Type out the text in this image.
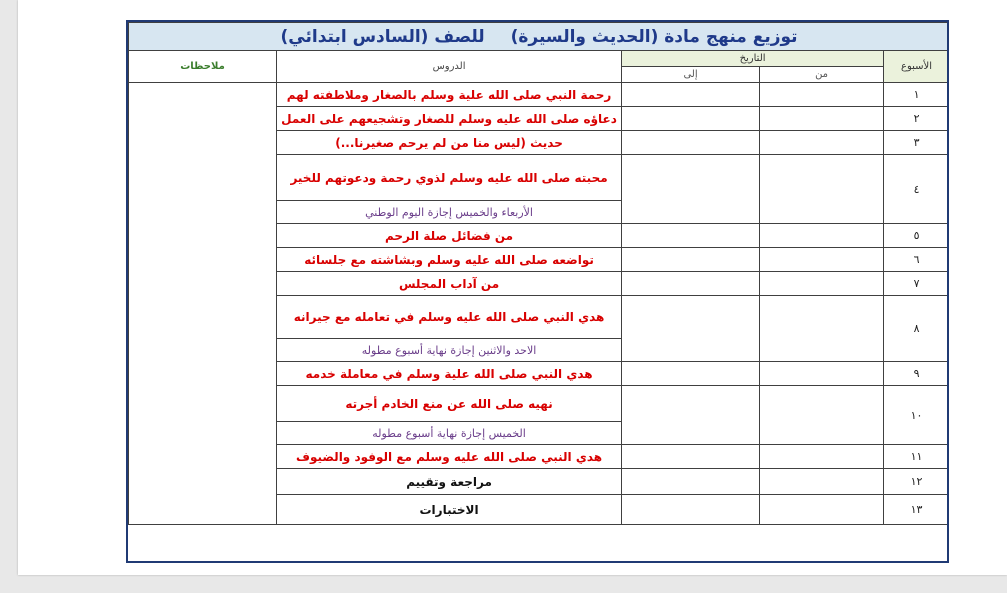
توزيع منهج مادة (الحديث والسيرة) للصف (السادس ابتدائي)				
الأسبوع	التاريخ		الدروس	ملاحظات
	من	إلى		
١			رحمة النبي صلى الله علية وسلم بالصغار وملاطفته لهم	
٢			دعاؤه صلى الله عليه وسلم للصغار وتشجيعهم على العمل	
٣			حديث (ليس منا من لم يرحم صغيرنا...)	
٤			محبته صلى الله عليه وسلم لذوي رحمة ودعوتهم للخير	
			الأربعاء والخميس إجازة اليوم الوطني	
٥			من فضائل صلة الرحم	
٦			تواضعه صلى الله عليه وسلم وبشاشته مع جلسائه	
٧			من آداب المجلس	
٨			هدي النبي صلى الله عليه وسلم في تعامله مع جيرانه	
			الاحد والاثنين إجازة نهاية أسبوع مطوله	
٩			هدي النبي صلى الله علية وسلم في معاملة خدمه	
١٠			نهيه صلى الله عن منع الخادم أجرته	
			الخميس إجازة نهاية أسبوع مطوله	
١١			هدي النبي صلى الله عليه وسلم مع الوفود والضيوف	
١٢			مراجعة وتقييم	
١٣			الاختبارات	
